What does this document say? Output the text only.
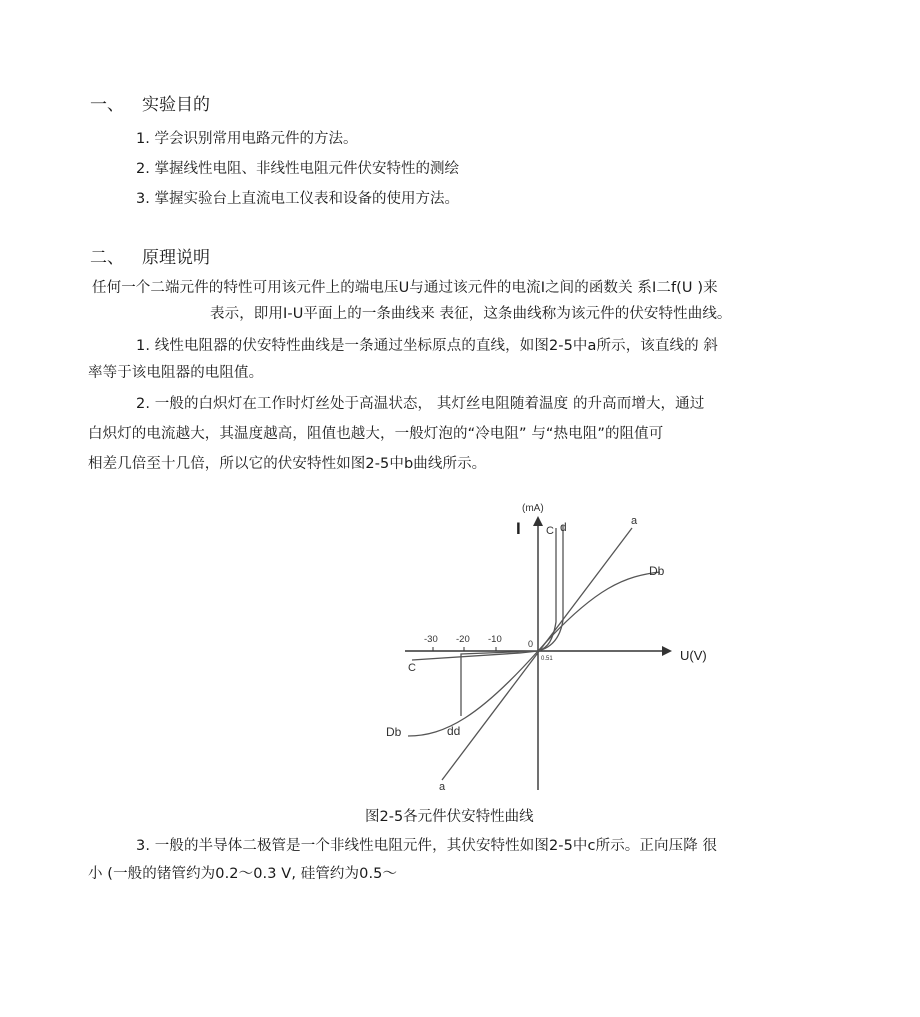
一、 实验目的
1. 学会识别常用电路元件的方法。
2. 掌握线性电阻、非线性电阻元件伏安特性的测绘
3. 掌握实验台上直流电工仪表和设备的使用方法。
二、 原理说明
任何一个二端元件的特性可用该元件上的端电压U与通过该元件的电流I之间的函数关 系I二f(U )来
表示，即用I-U平面上的一条曲线来 表征，这条曲线称为该元件的伏安特性曲线。
1. 线性电阻器的伏安特性曲线是一条通过坐标原点的直线，如图2-5中a所示，该直线的 斜
率等于该电阻器的电阻值。
2. 一般的白炽灯在工作时灯丝处于高温状态， 其灯丝电阻随着温度 的升高而增大，通过
白炽灯的电流越大，其温度越高，阻值也越大，一般灯泡的“冷电阻” 与“热电阻”的阻值可
相差几倍至十几倍，所以它的伏安特性如图2-5中b曲线所示。
(mA)
I
U(V)
0
-30 -20 -10
0.51
C d	a
Db
C
Db	dd
a
图2-5各元件伏安特性曲线
3. 一般的半导体二极管是一个非线性电阻元件，其伏安特性如图2-5中c所示。正向压降 很
小 (一般的锗管约为0.2〜0.3 V, 硅管约为0.5〜
